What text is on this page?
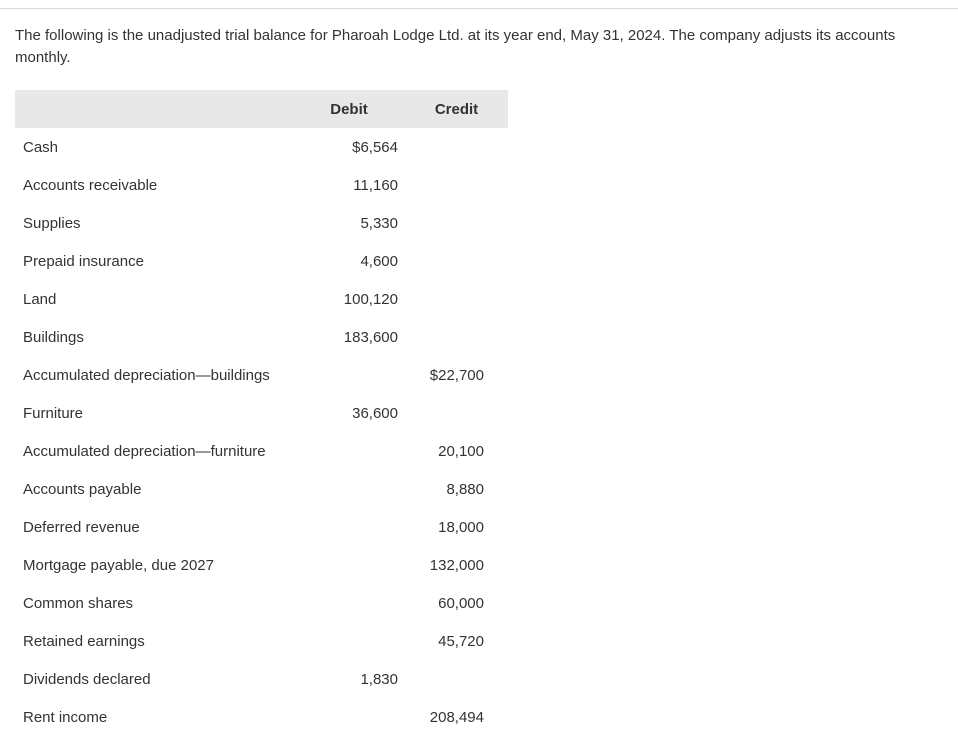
The following is the unadjusted trial balance for Pharoah Lodge Ltd. at its year end, May 31, 2024. The company adjusts its accounts monthly.

	Debit	Credit
Cash	$6,564	
Accounts receivable	11,160	
Supplies	5,330	
Prepaid insurance	4,600	
Land	100,120	
Buildings	183,600	
Accumulated depreciation—buildings		$22,700
Furniture	36,600	
Accumulated depreciation—furniture		20,100
Accounts payable		8,880
Deferred revenue		18,000
Mortgage payable, due 2027		132,000
Common shares		60,000
Retained earnings		45,720
Dividends declared	1,830	
Rent income		208,494
